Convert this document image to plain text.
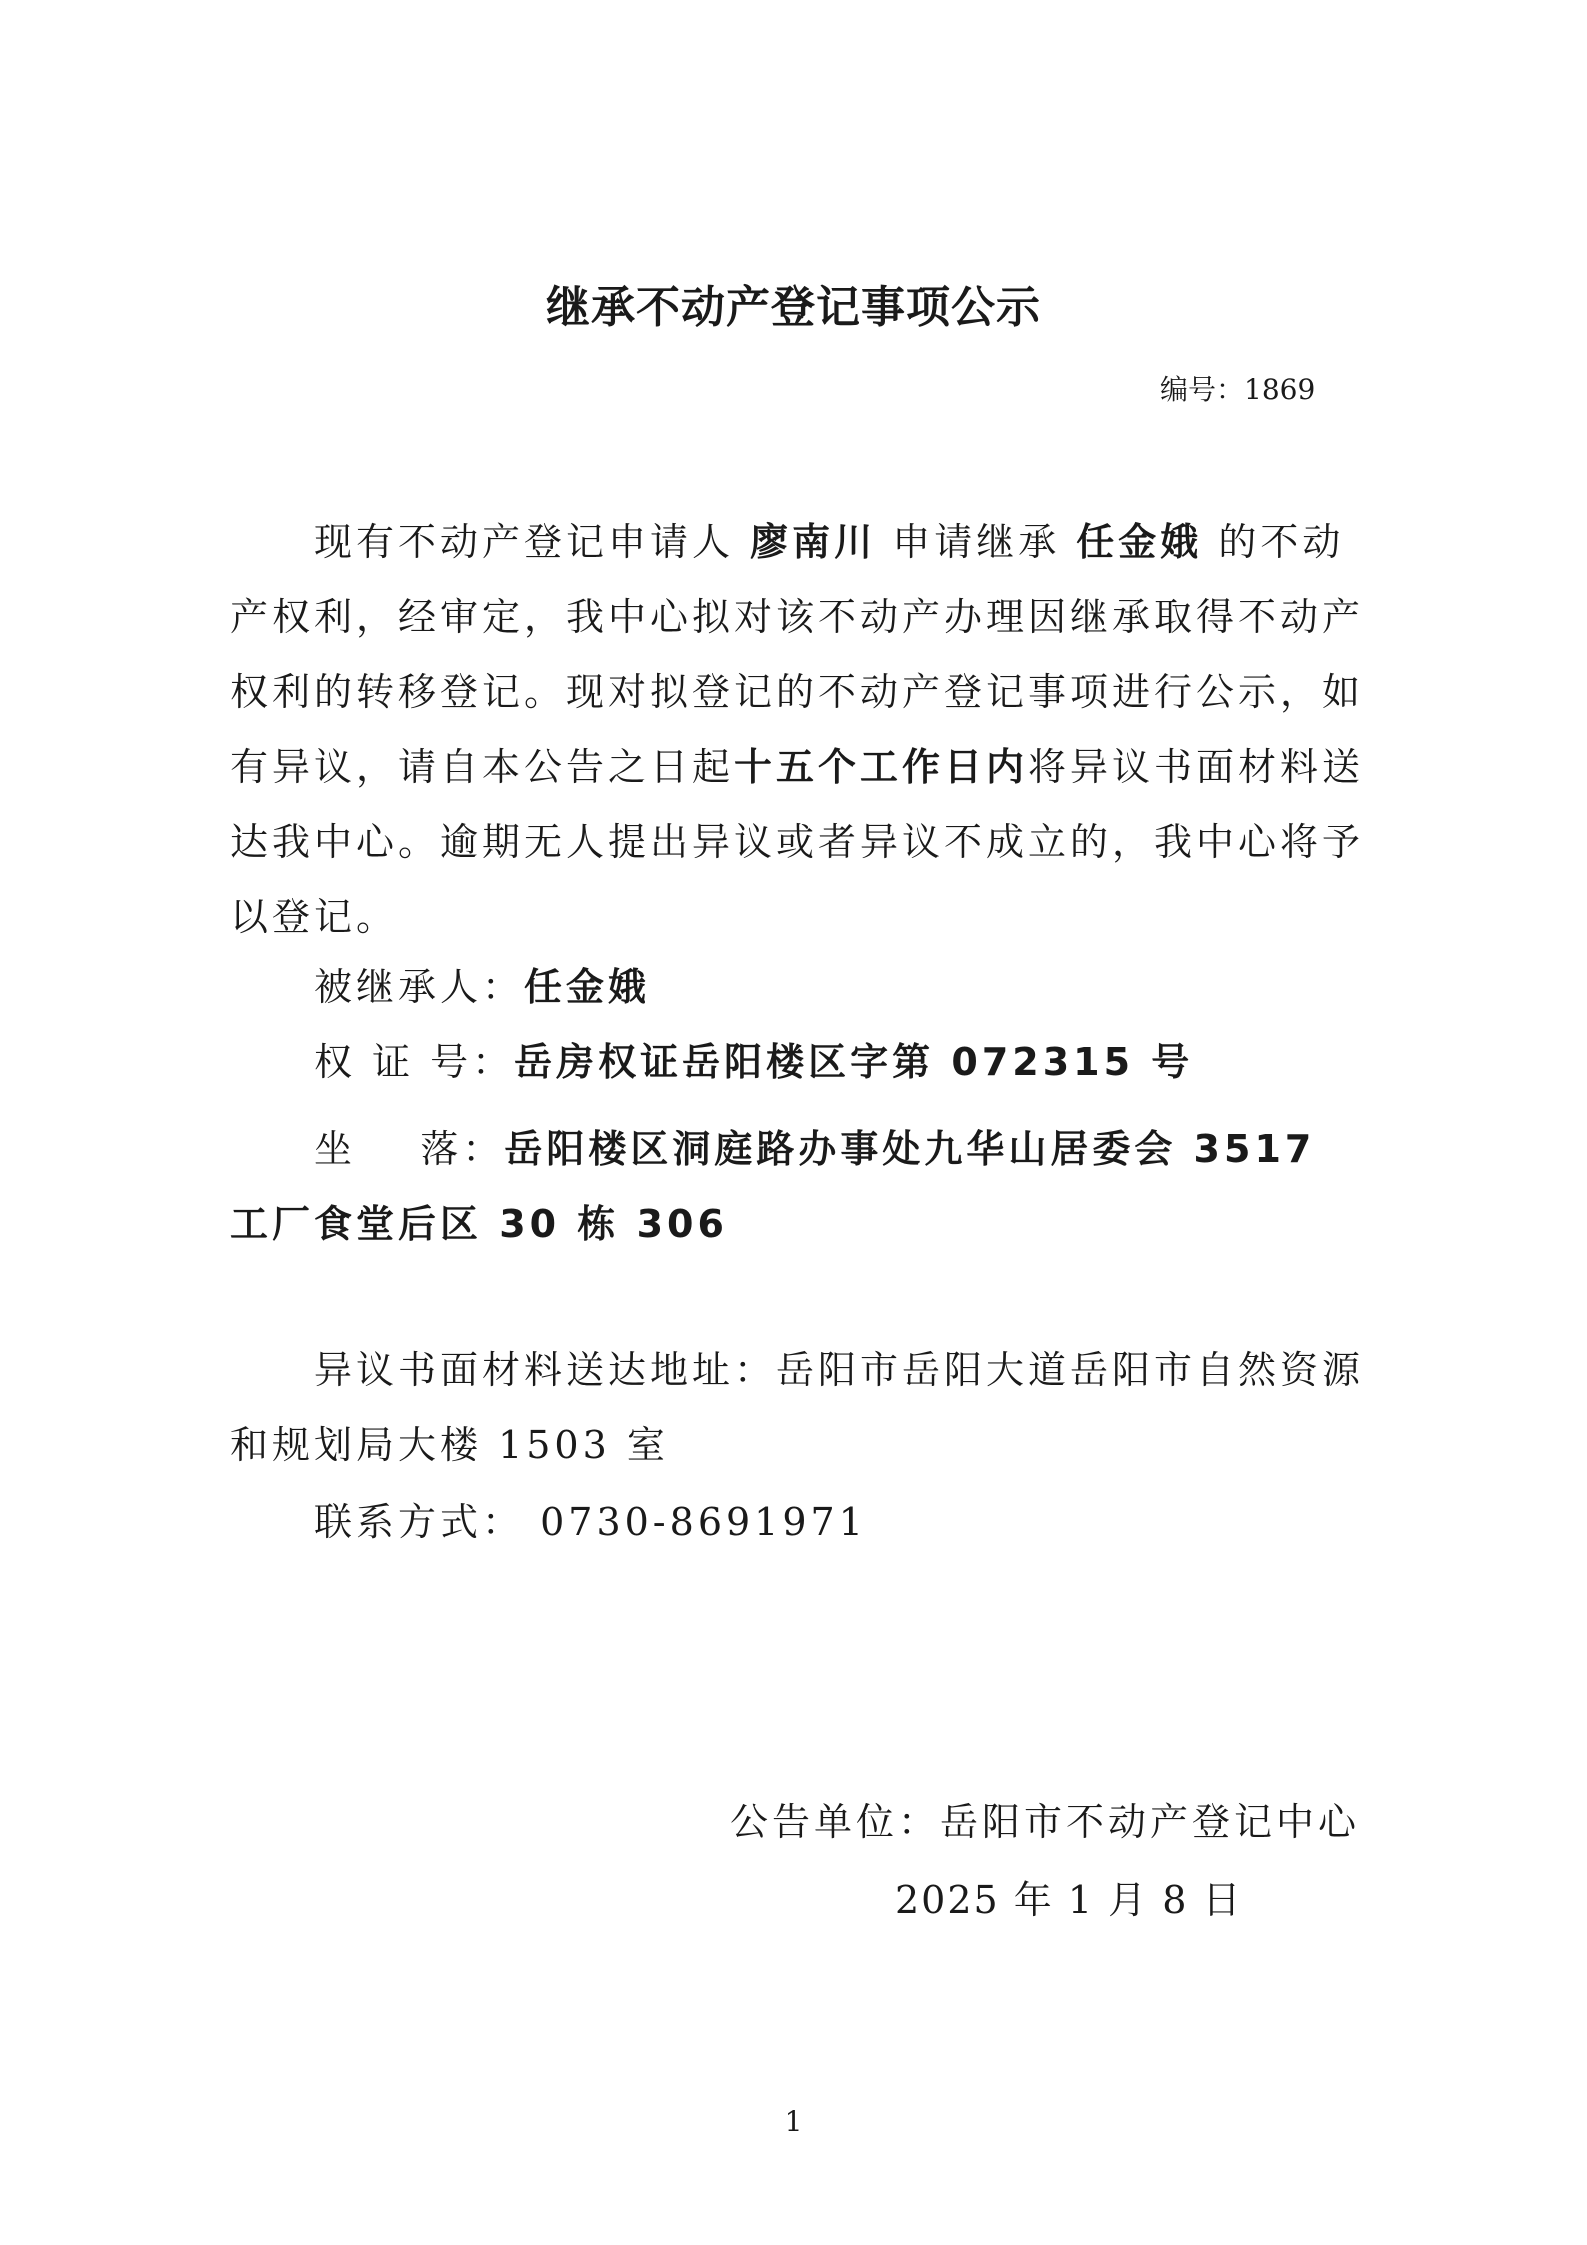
继承不动产登记事项公示
编号：1869

现有不动产登记申请人 廖南川 申请继承 任金娥 的不动产权利，经审定，我中心拟对该不动产办理因继承取得不动产权利的转移登记。现对拟登记的不动产登记事项进行公示，如有异议，请自本公告之日起十五个工作日内将异议书面材料送达我中心。逾期无人提出异议或者异议不成立的，我中心将予以登记。

被继承人：任金娥

权 证 号：岳房权证岳阳楼区字第 072315 号

坐    落：岳阳楼区洞庭路办事处九华山居委会 3517 工厂食堂后区 30 栋 306

异议书面材料送达地址：岳阳市岳阳大道岳阳市自然资源和规划局大楼 1503 室

联系方式： 0730-8691971

公告单位：岳阳市不动产登记中心
2025 年 1 月 8 日
1
